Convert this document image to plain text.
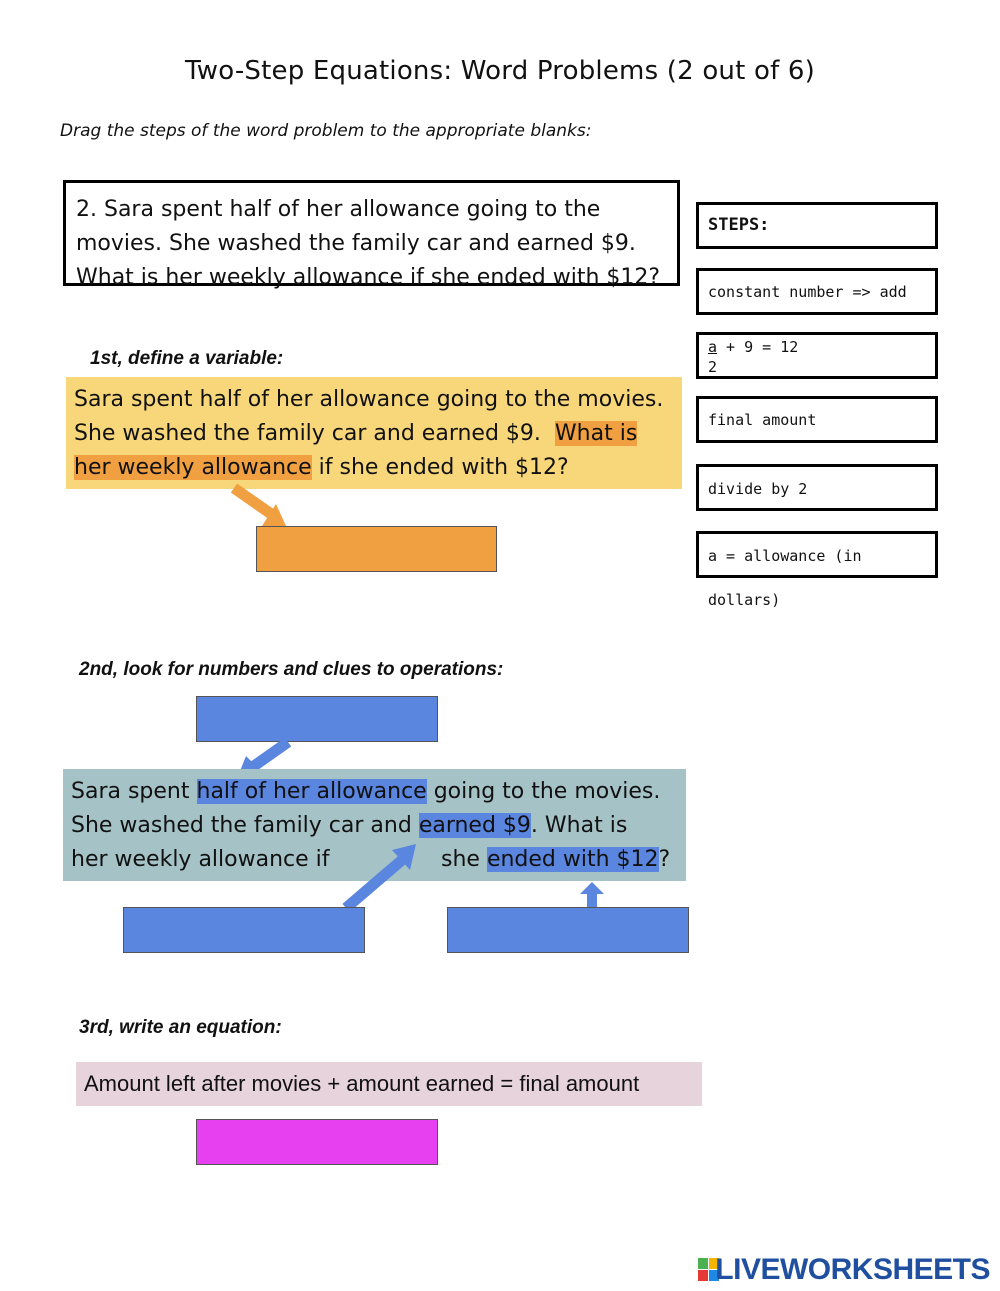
Two-Step Equations: Word Problems (2 out of 6)
Drag the steps of the word problem to the appropriate blanks:
2. Sara spent half of her allowance going to the
movies. She washed the family car and earned $9.
What is her weekly allowance if she ended with $12?
1st, define a variable:
Sara spent half of her allowance going to the movies.
She washed the family car and earned $9. What is
her weekly allowance if she ended with $12?
2nd, look for numbers and clues to operations:
Sara spent half of her allowance going to the movies.
She washed the family car and earned $9. What is
her weekly allowance if	she ended with $12?
3rd, write an equation:
Amount left after movies + amount earned = final amount
STEPS:
constant number => add
a + 9 = 12
2
final amount
divide by 2
a = allowance (in dollars)
LIVEWORKSHEETS
